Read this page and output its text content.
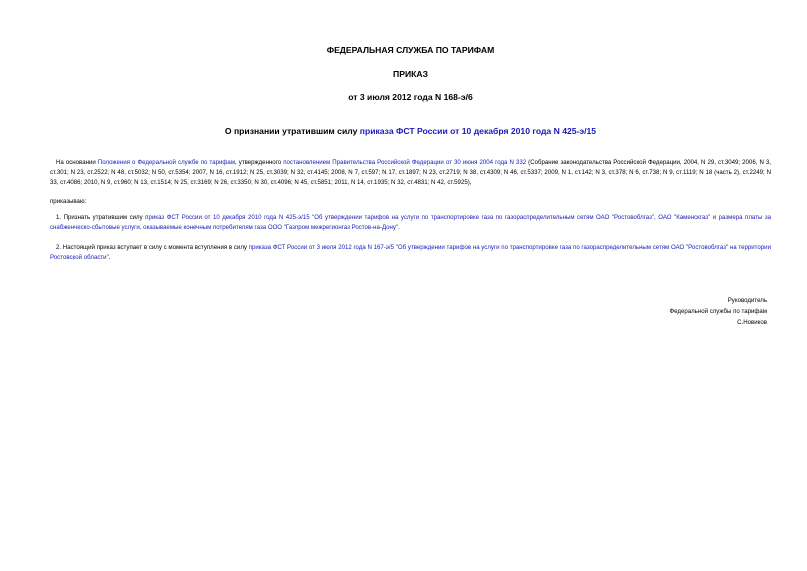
ФЕДЕРАЛЬНАЯ СЛУЖБА ПО ТАРИФАМ
ПРИКАЗ
от 3 июля 2012 года N 168-э/6
О признании утратившим силу приказа ФСТ России от 10 декабря 2010 года N 425-э/15
На основании Положения о Федеральной службе по тарифам, утвержденного постановлением Правительства Российской Федерации от 30 июня 2004 года N 332 (Собрание законодательства Российской Федерации, 2004, N 29, ст.3049; 2006, N 3, ст.301; N 23, ст.2522; N 48, ст.5032; N 50, ст.5354; 2007, N 16, ст.1912; N 25, ст.3039; N 32, ст.4145; 2008, N 7, ст.597; N 17, ст.1897; N 23, ст.2719; N 38, ст.4309; N 46, ст.5337; 2009, N 1, ст.142; N 3, ст.378; N 6, ст.738; N 9, ст.1119; N 18 (часть 2), ст.2249; N 33, ст.4086; 2010, N 9, ст.960; N 13, ст.1514; N 25, ст.3169; N 26, ст.3350; N 30, ст.4096; N 45, ст.5851; 2011, N 14, ст.1935; N 32, ст.4831; N 42, ст.5925),
приказываю:
1. Признать утратившим силу приказ ФСТ России от 10 декабря 2010 года N 425-э/15 "Об утверждении тарифов на услуги по транспортировке газа по газораспределительным сетям ОАО "Ростовоблгаз", ОАО "Каменскгаз" и размера платы за снабженческо-сбытовые услуги, оказываемые конечным потребителям газа ООО "Газпром межрегионгаз Ростов-на-Дону".
2. Настоящий приказ вступает в силу с момента вступления в силу приказа ФСТ России от 3 июля 2012 года N 167-э/5 "Об утверждении тарифов на услуги по транспортировке газа по газораспределительным сетям ОАО "Ростовоблгаз" на территории Ростовской области".
Руководитель
Федеральной службы по тарифам
С.Новиков
